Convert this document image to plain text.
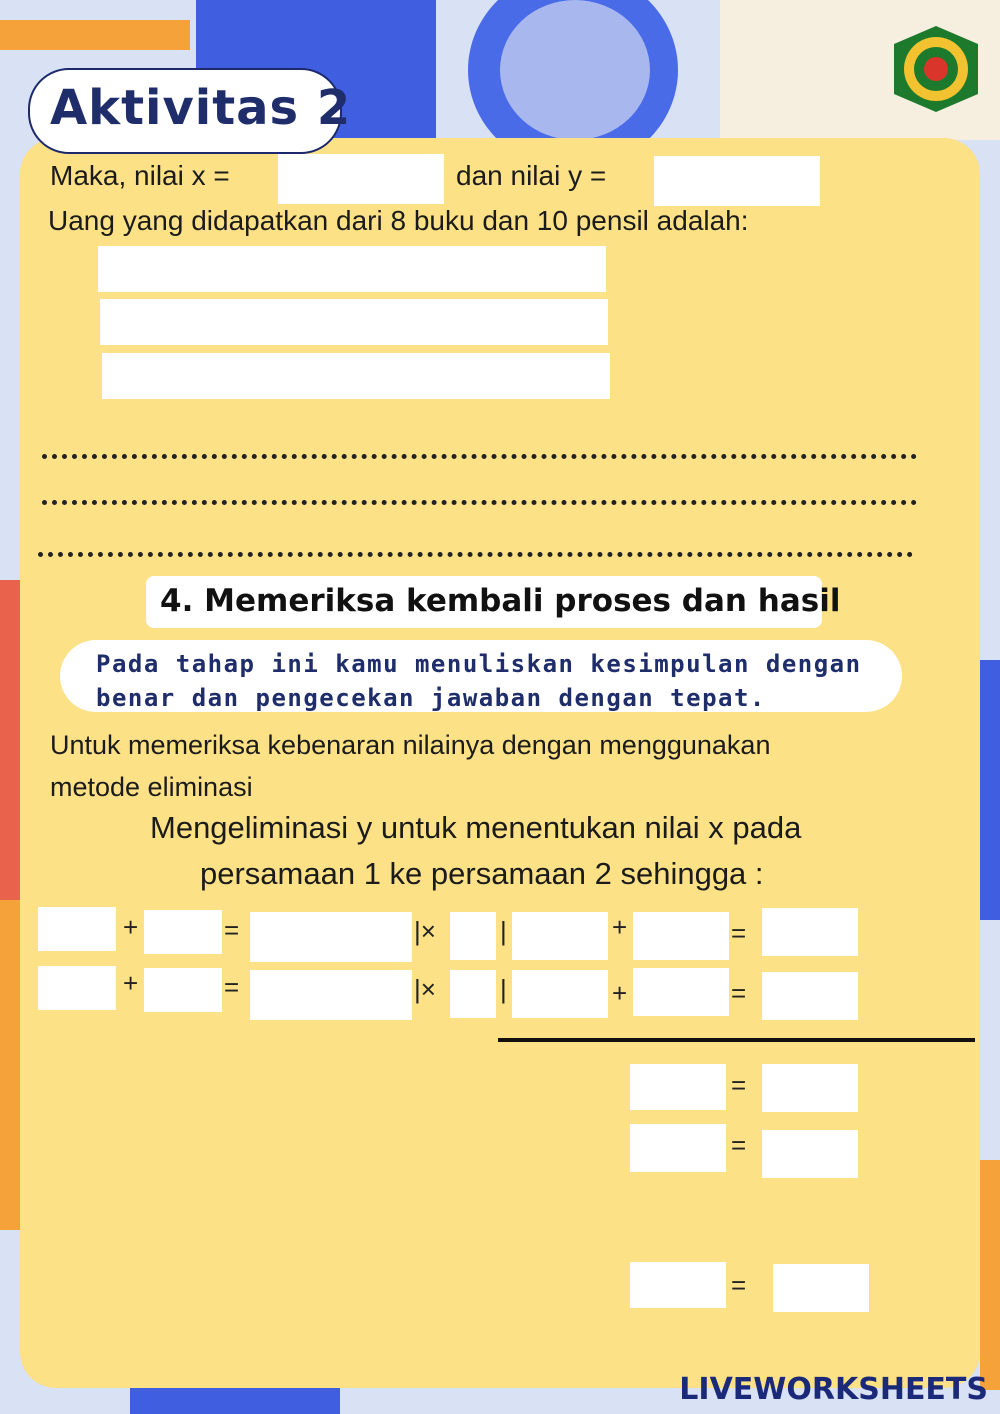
Aktivitas 2
Maka, nilai x =	dan nilai y =
Uang yang didapatkan dari 8 buku dan 10 pensil adalah:
4. Memeriksa kembali proses dan hasil
Pada tahap ini kamu menuliskan kesimpulan dengan benar dan pengecekan jawaban dengan tepat.
Untuk memeriksa kebenaran nilainya dengan menggunakan
metode eliminasi
Mengeliminasi y untuk menentukan nilai x pada
persamaan 1 ke persamaan 2 sehingga :
+	=	|× |	+	=
+	=	|× |	+	=
=
=
=
LIVEWORKSHEETS
